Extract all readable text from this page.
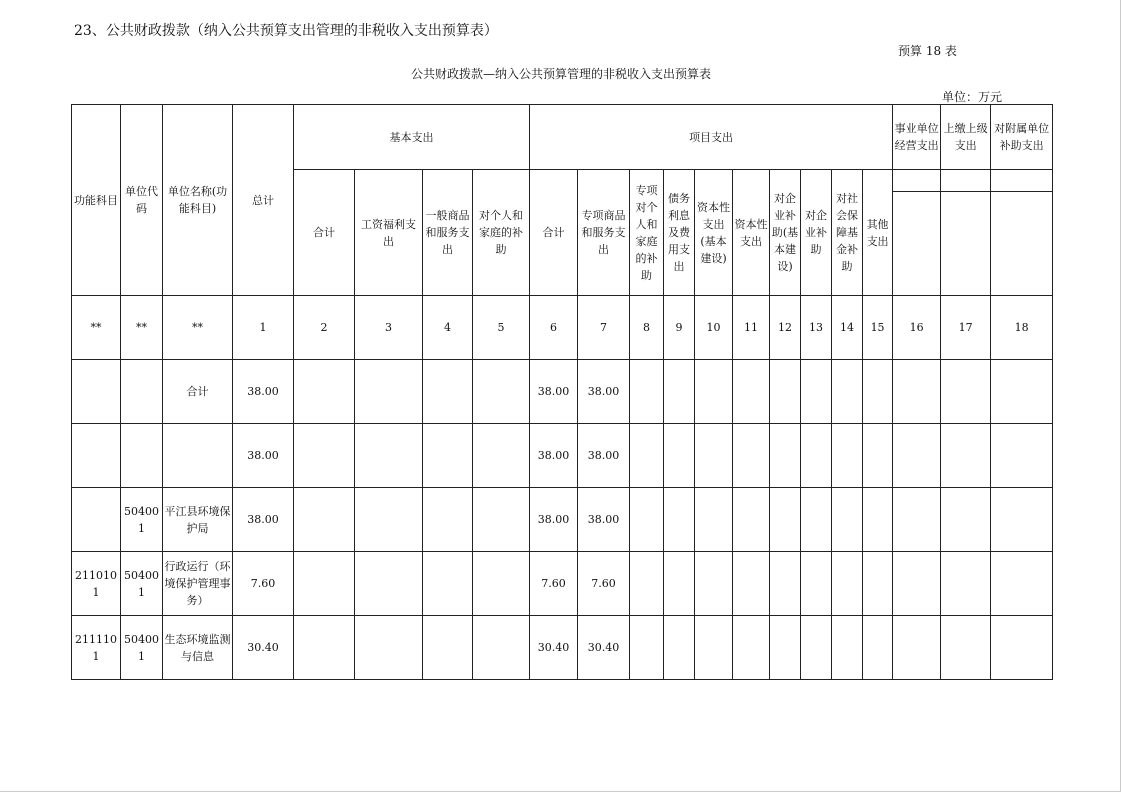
23、公共财政拨款（纳入公共预算支出管理的非税收入支出预算表）
预算 18 表
公共财政拨款—纳入公共预算管理的非税收入支出预算表
单位：万元
功能科目	单位代码	单位名称(功能科目)	总计	基本支出				项目支出										事业单位经营支出	上缴上级支出	对附属单位补助支出
				合计	工资福利支出	一般商品和服务支出	对个人和家庭的补助	合计	专项商品和服务支出	专项对个人和家庭的补助	债务利息及费用支出	资本性支出(基本建设)	资本性支出	对企业补助(基本建设)	对企业补助	对社会保障基金补助	其他支出			

**	**	**	1	2	3	4	5	6	7	8	9	10	11	12	13	14	15	16	17	18
		合计	38.00					38.00	38.00											
			38.00					38.00	38.00											
	504001	平江县环境保护局	38.00					38.00	38.00											
2110101	504001	行政运行（环境保护管理事务）	7.60					7.60	7.60											
2111101	504001	生态环境监测与信息	30.40					30.40	30.40											
